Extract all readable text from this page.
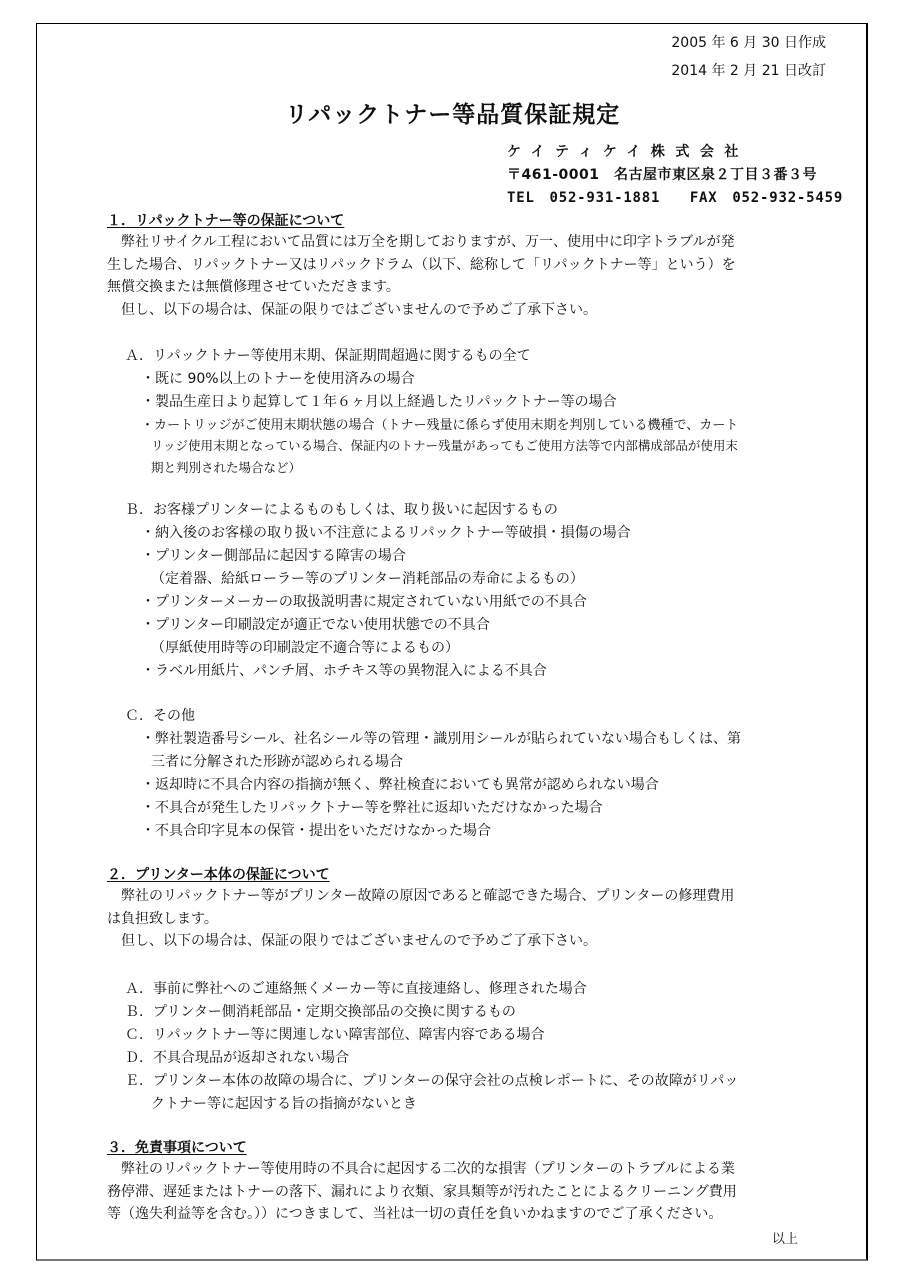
2005 年 6 月 30 日作成
2014 年 2 月 21 日改訂
リパックトナー等品質保証規定
ケイティケイ株式会社
〒461-0001　名古屋市東区泉２丁目３番３号
TEL　052-931-1881　　FAX　052-932-5459
１．リパックトナー等の保証について
　弊社リサイクル工程において品質には万全を期しておりますが、万一、使用中に印字トラブルが発
生した場合、リパックトナー又はリパックドラム（以下、総称して「リパックトナー等」という）を
無償交換または無償修理させていただきます。
　但し、以下の場合は、保証の限りではございませんので予めご了承下さい。
Ａ．リパックトナー等使用末期、保証期間超過に関するもの全て
・既に 90%以上のトナーを使用済みの場合
・製品生産日より起算して１年６ヶ月以上経過したリパックトナー等の場合
・カートリッジがご使用末期状態の場合（トナー残量に係らず使用末期を判別している機種で、カート
リッジ使用末期となっている場合、保証内のトナー残量があってもご使用方法等で内部構成部品が使用末
期と判別された場合など）
Ｂ．お客様プリンターによるものもしくは、取り扱いに起因するもの
・納入後のお客様の取り扱い不注意によるリパックトナー等破損・損傷の場合
・プリンター側部品に起因する障害の場合
（定着器、給紙ローラー等のプリンター消耗部品の寿命によるもの）
・プリンターメーカーの取扱説明書に規定されていない用紙での不具合
・プリンター印刷設定が適正でない使用状態での不具合
（厚紙使用時等の印刷設定不適合等によるもの）
・ラベル用紙片、パンチ屑、ホチキス等の異物混入による不具合
Ｃ．その他
・弊社製造番号シール、社名シール等の管理・識別用シールが貼られていない場合もしくは、第
三者に分解された形跡が認められる場合
・返却時に不具合内容の指摘が無く、弊社検査においても異常が認められない場合
・不具合が発生したリパックトナー等を弊社に返却いただけなかった場合
・不具合印字見本の保管・提出をいただけなかった場合
２．プリンター本体の保証について
　弊社のリパックトナー等がプリンター故障の原因であると確認できた場合、プリンターの修理費用
は負担致します。
　但し、以下の場合は、保証の限りではございませんので予めご了承下さい。
Ａ．事前に弊社へのご連絡無くメーカー等に直接連絡し、修理された場合
Ｂ．プリンター側消耗部品・定期交換部品の交換に関するもの
Ｃ．リパックトナー等に関連しない障害部位、障害内容である場合
Ｄ．不具合現品が返却されない場合
Ｅ．プリンター本体の故障の場合に、プリンターの保守会社の点検レポートに、その故障がリパッ
クトナー等に起因する旨の指摘がないとき
３．免責事項について
　弊社のリパックトナー等使用時の不具合に起因する二次的な損害（プリンターのトラブルによる業
務停滞、遅延またはトナーの落下、漏れにより衣類、家具類等が汚れたことによるクリーニング費用
等（逸失利益等を含む。））につきまして、当社は一切の責任を負いかねますのでご了承ください。
以上
